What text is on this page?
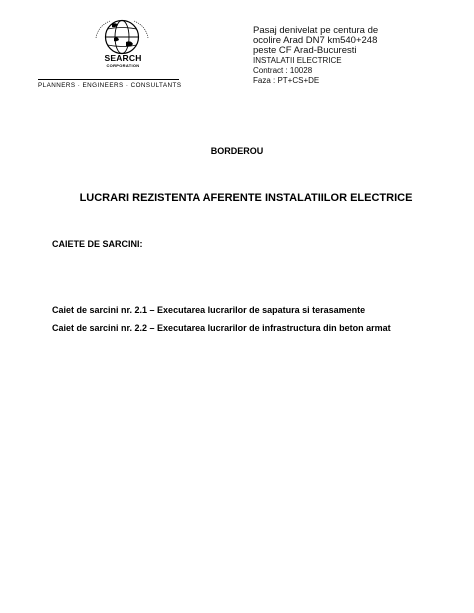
SEARCH
CORPORATION
PLANNERS · ENGINEERS · CONSULTANTS
Pasaj denivelat pe centura de
ocolire Arad DN7 km540+248
peste CF Arad-Bucuresti
INSTALATII ELECTRICE
Contract : 10028
Faza : PT+CS+DE
BORDEROU
LUCRARI REZISTENTA AFERENTE INSTALATIILOR ELECTRICE
CAIETE DE SARCINI:
Caiet de sarcini nr. 2.1 – Executarea lucrarilor de sapatura si terasamente
Caiet de sarcini nr. 2.2 – Executarea lucrarilor de infrastructura din beton armat
